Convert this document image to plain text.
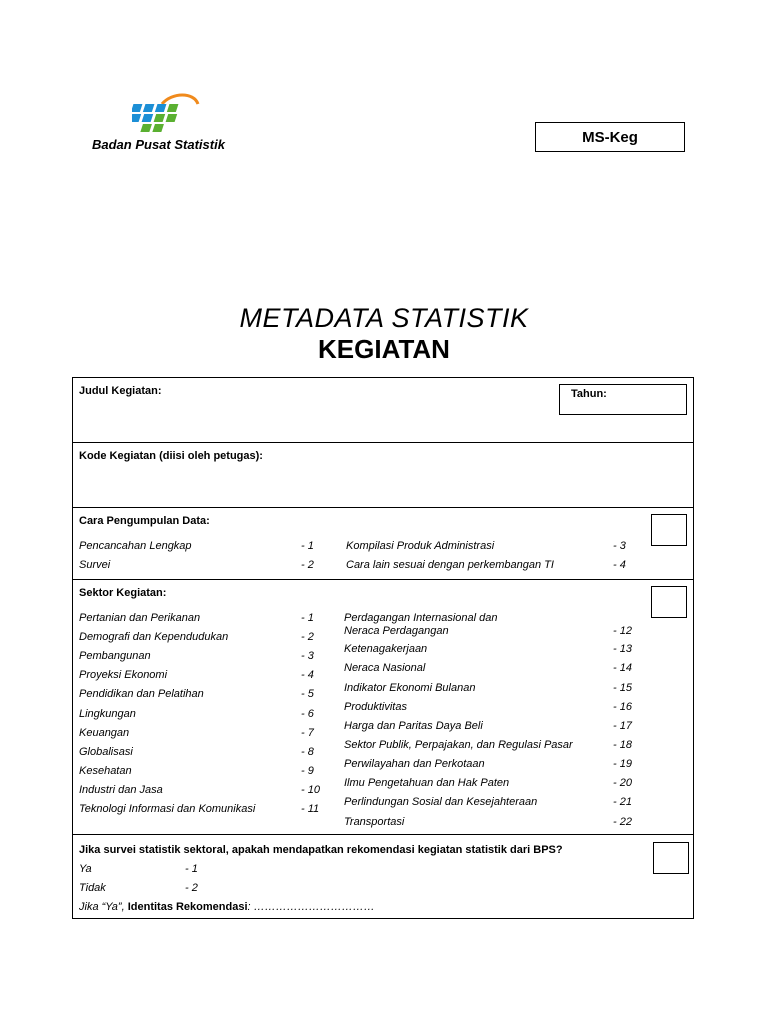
Badan Pusat Statistik	MS-Keg
METADATA STATISTIK
KEGIATAN
Judul Kegiatan:	Tahun:
Kode Kegiatan (diisi oleh petugas):
Cara Pengumpulan Data:
Pencancahan Lengkap	- 1
Survei	- 2
Kompilasi Produk Administrasi	- 3
Cara lain sesuai dengan perkembangan TI	- 4
Sektor Kegiatan:
Pertanian dan Perikanan	- 1
Demografi dan Kependudukan	- 2
Pembangunan	- 3
Proyeksi Ekonomi	- 4
Pendidikan dan Pelatihan	- 5
Lingkungan	- 6
Keuangan	- 7
Globalisasi	- 8
Kesehatan	- 9
Industri dan Jasa	- 10
Teknologi Informasi dan Komunikasi	- 11
Perdagangan Internasional dan
Neraca Perdagangan	- 12
Ketenagakerjaan	- 13
Neraca Nasional	- 14
Indikator Ekonomi Bulanan	- 15
Produktivitas	- 16
Harga dan Paritas Daya Beli	- 17
Sektor Publik, Perpajakan, dan Regulasi Pasar	- 18
Perwilayahan dan Perkotaan	- 19
Ilmu Pengetahuan dan Hak Paten	- 20
Perlindungan Sosial dan Kesejahteraan	- 21
Transportasi	- 22
Jika survei statistik sektoral, apakah mendapatkan rekomendasi kegiatan statistik dari BPS?
Ya	- 1
Tidak	- 2
Jika “Ya”, Identitas Rekomendasi: ……………………………
